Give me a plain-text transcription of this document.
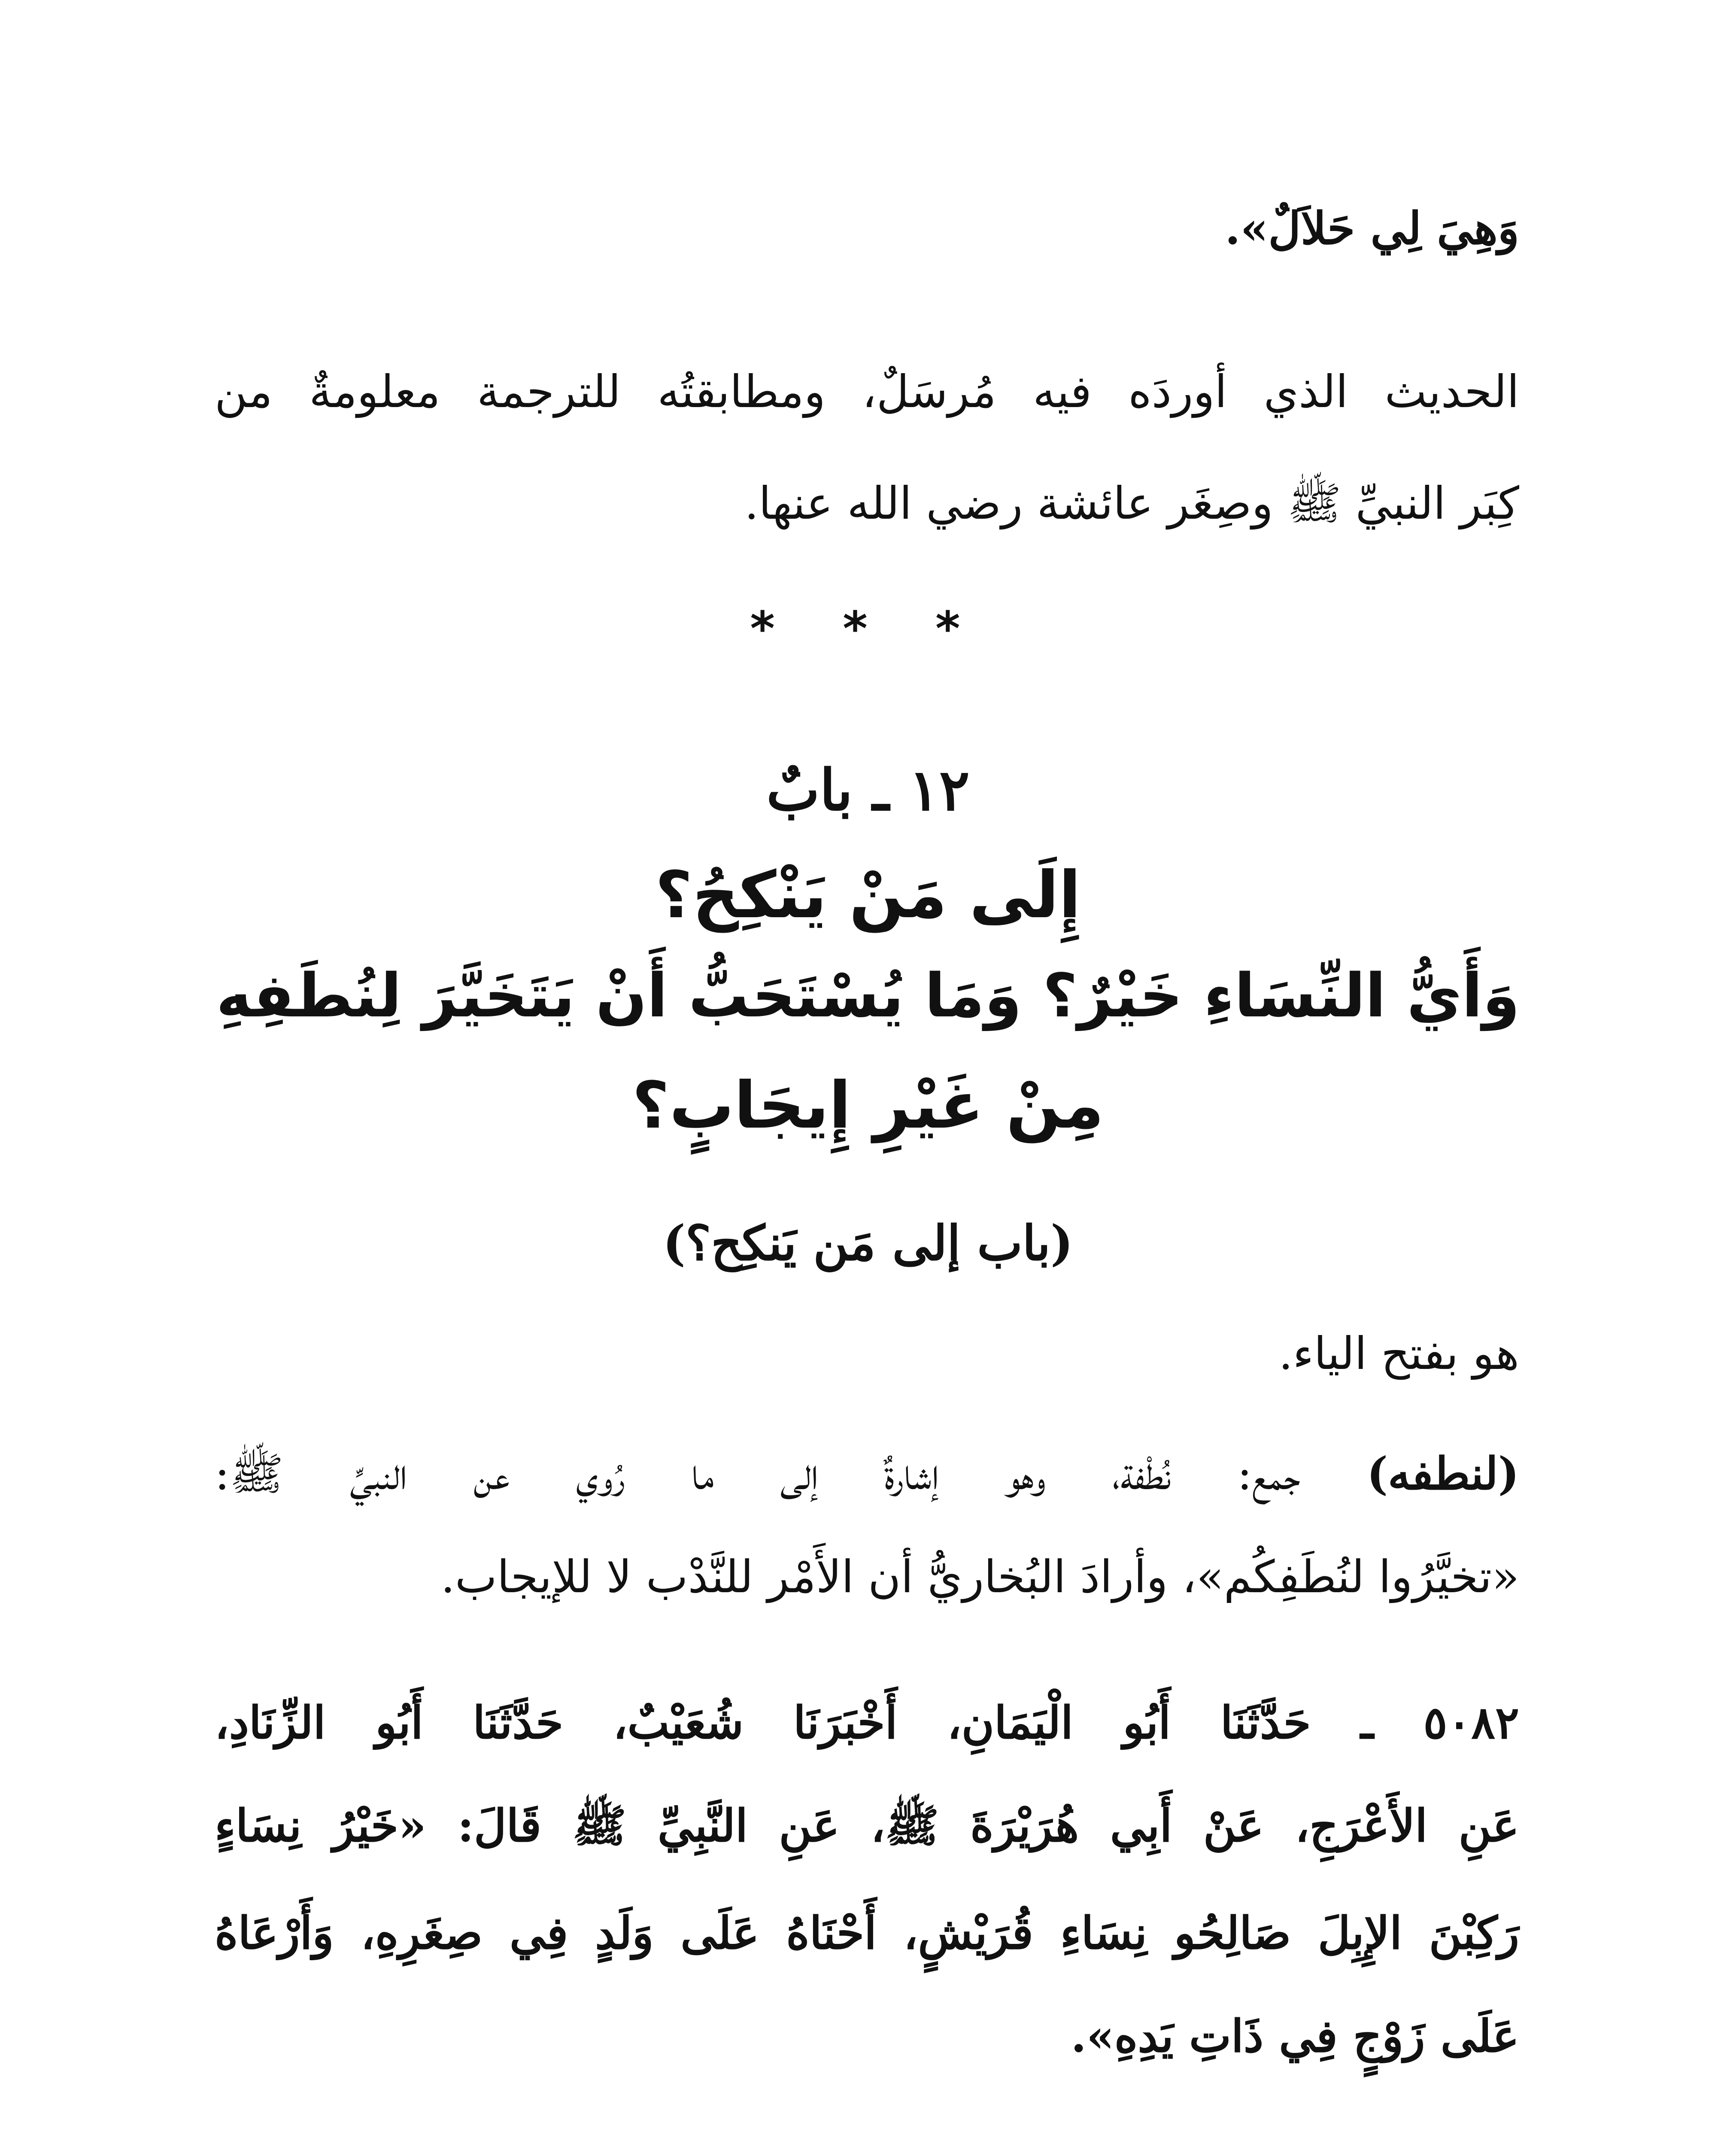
وَهِيَ لِي حَلاَلٌ».
الحديث الذي أوردَه فيه مُرسَلٌ، ومطابقتُه للترجمة معلومةٌ من
كِبَر النبيِّ ﷺ وصِغَر عائشة رضي الله عنها.
* * *
١٢ ـ بابٌ
إِلَى مَنْ يَنْكِحُ؟
وَأَيُّ النِّسَاءِ خَيْرٌ؟ وَمَا يُسْتَحَبُّ أَنْ يَتَخَيَّرَ لِنُطَفِهِ
مِنْ غَيْرِ إِيجَابٍ؟
(باب إلى مَن يَنكِح؟)
هو بفتح الياء.
(لنطفه) جمع: نُطْفة، وهو إشارةٌ إلى ما رُوي عن النبيِّ ﷺ:
«تخيَّرُوا لنُطَفِكُم»، وأرادَ البُخاريُّ أن الأَمْر للنَّدْب لا للإيجاب.
٥٠٨٢ ـ حَدَّثَنَا أَبُو الْيَمَانِ، أَخْبَرَنَا شُعَيْبٌ، حَدَّثَنَا أَبُو الزِّنَادِ،
عَنِ الأَعْرَجِ، عَنْ أَبِي هُرَيْرَةَ ﷺ، عَنِ النَّبِيِّ ﷺ قَالَ: «خَيْرُ نِسَاءٍ
رَكِبْنَ الإِبِلَ صَالِحُو نِسَاءِ قُرَيْشٍ، أَحْنَاهُ عَلَى وَلَدٍ فِي صِغَرِهِ، وَأَرْعَاهُ
عَلَى زَوْجٍ فِي ذَاتِ يَدِهِ».
